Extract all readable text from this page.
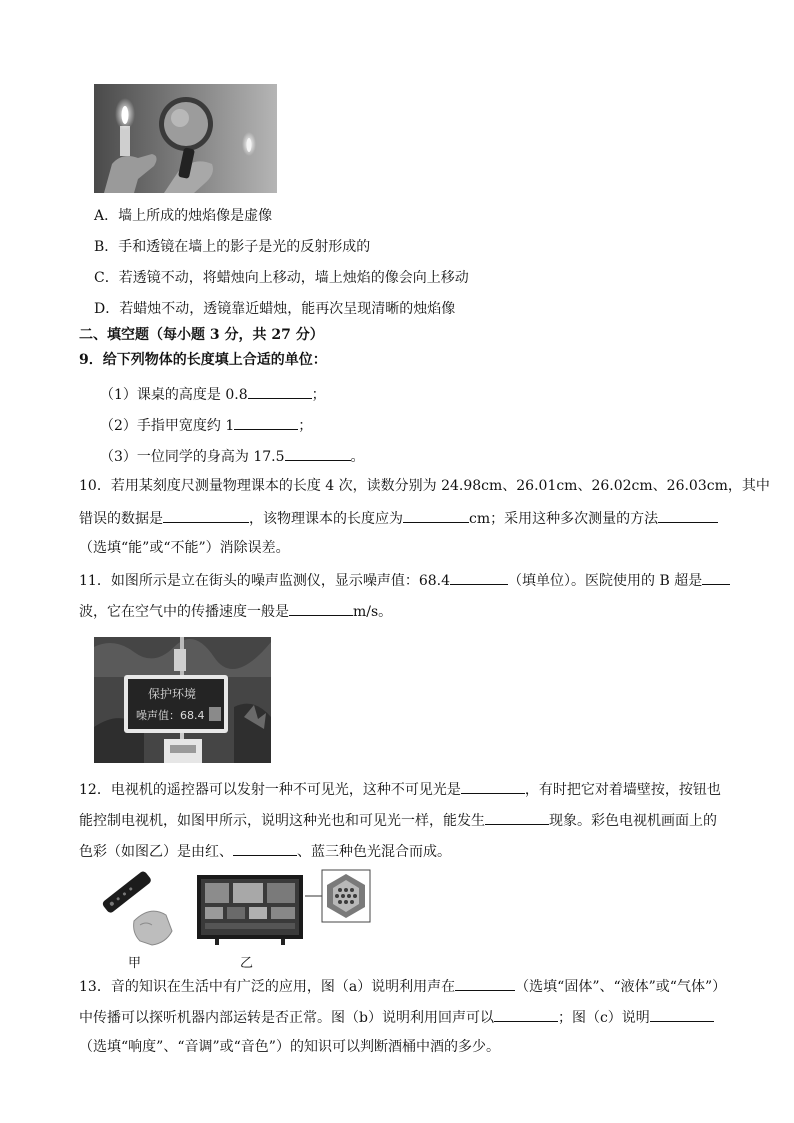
A．墙上所成的烛焰像是虚像
B．手和透镜在墙上的影子是光的反射形成的
C．若透镜不动，将蜡烛向上移动，墙上烛焰的像会向上移动
D．若蜡烛不动，透镜靠近蜡烛，能再次呈现清晰的烛焰像
二、填空题（每小题 3 分，共 27 分）
9．给下列物体的长度填上合适的单位：
（1）课桌的高度是 0.8	；
（2）手指甲宽度约 1	；
（3）一位同学的身高为 17.5	。
10．若用某刻度尺测量物理课本的长度 4 次，读数分别为 24.98cm、26.01cm、26.02cm、26.03cm，其中
错误的数据是	，该物理课本的长度应为	cm；采用这种多次测量的方法
（选填“能”或“不能”）消除误差。
11．如图所示是立在街头的噪声监测仪，显示噪声值：68.4	（填单位）。医院使用的 B 超是
波，它在空气中的传播速度一般是	m/s。
保护环境
噪声值：68.4
12．电视机的遥控器可以发射一种不可见光，这种不可见光是	，有时把它对着墙壁按，按钮也
能控制电视机，如图甲所示，说明这种光也和可见光一样，能发生	现象。彩色电视机画面上的
色彩（如图乙）是由红、	、蓝三种色光混合而成。
甲	乙
13．音的知识在生活中有广泛的应用，图（a）说明利用声在	（选填“固体”、“液体”或“气体”）
中传播可以探听机器内部运转是否正常。图（b）说明利用回声可以	；图（c）说明
（选填“响度”、“音调”或“音色”）的知识可以判断酒桶中酒的多少。
